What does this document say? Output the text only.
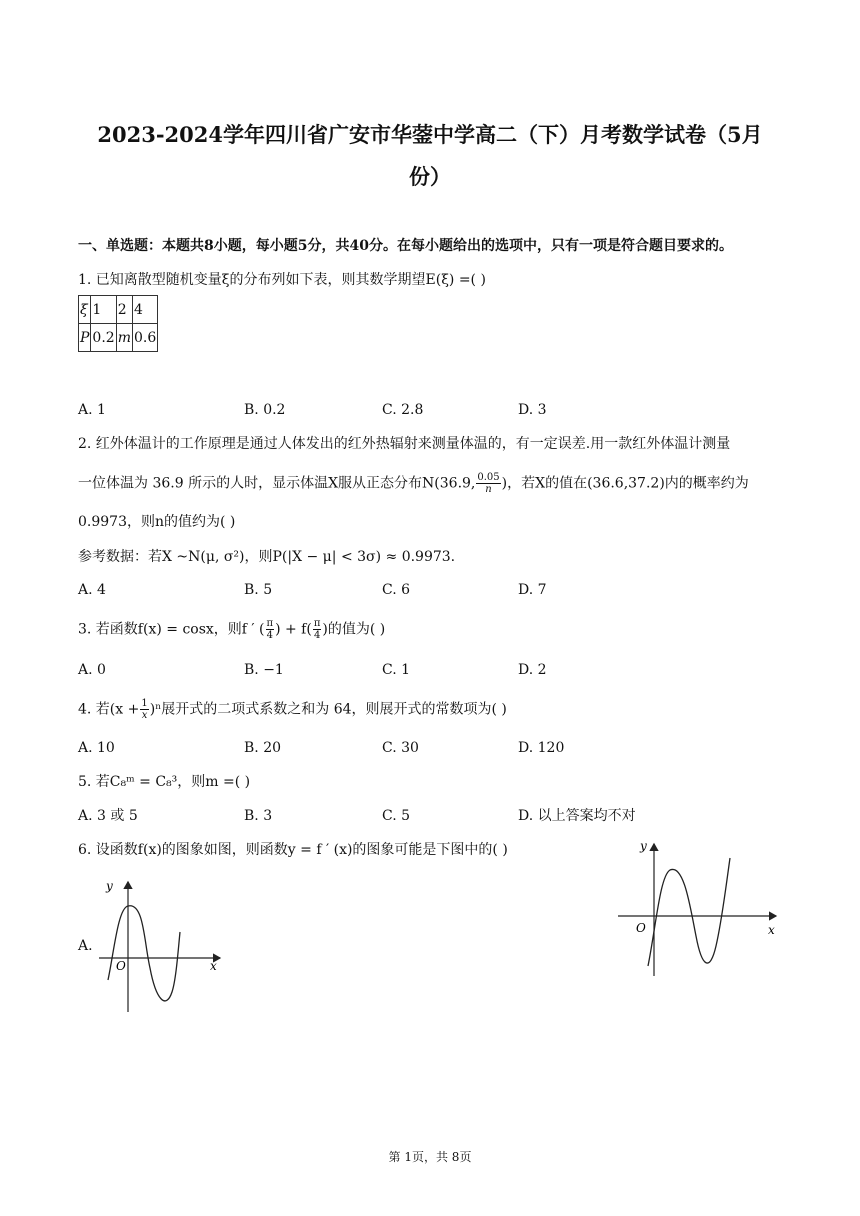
2023-2024学年四川省广安市华蓥中学高二（下）月考数学试卷（5月
份）
一、单选题：本题共8小题，每小题5分，共40分。在每小题给出的选项中，只有一项是符合题目要求的。
1. 已知离散型随机变量ξ的分布列如下表，则其数学期望E(ξ) =( )
ξ	1	2	4
P	0.2	m	0.6
A. 1	B. 0.2	C. 2.8	D. 3
2. 红外体温计的工作原理是通过人体发出的红外热辐射来测量体温的，有一定误差.用一款红外体温计测量
一位体温为 36.9 所示的人时，显示体温X服从正态分布N(36.9, $\frac{0.05}{n}$ )，若X的值在(36.6,37.2)内的概率约为
0.9973，则n的值约为( )
参考数据：若X ~N(μ, σ²)，则P(|X − μ| < 3σ) ≈ 0.9973.
A. 4	B. 5	C. 6	D. 7
3. 若函数f(x) = cosx，则f ′ ( $\frac{\pi}{4}$ ) + $f( \frac{\pi}{4}$ )的值为( )
A. 0	B. −1	C. 1	D. 2
4. 若$(x + \frac{1}{x} )^n$展开式的二项式系数之和为 64，则展开式的常数项为( )
A. 10	B. 20	C. 30	D. 120
5. 若C₈ᵐ = C₈³，则m =( )
A. 3 或 5	B. 3	C. 5	D. 以上答案均不对
6. 设函数f(x)的图象如图，则函数y = f ′ (x)的图象可能是下图中的( )
A.
y
x
O
y
x
O
第 1页，共 8页
